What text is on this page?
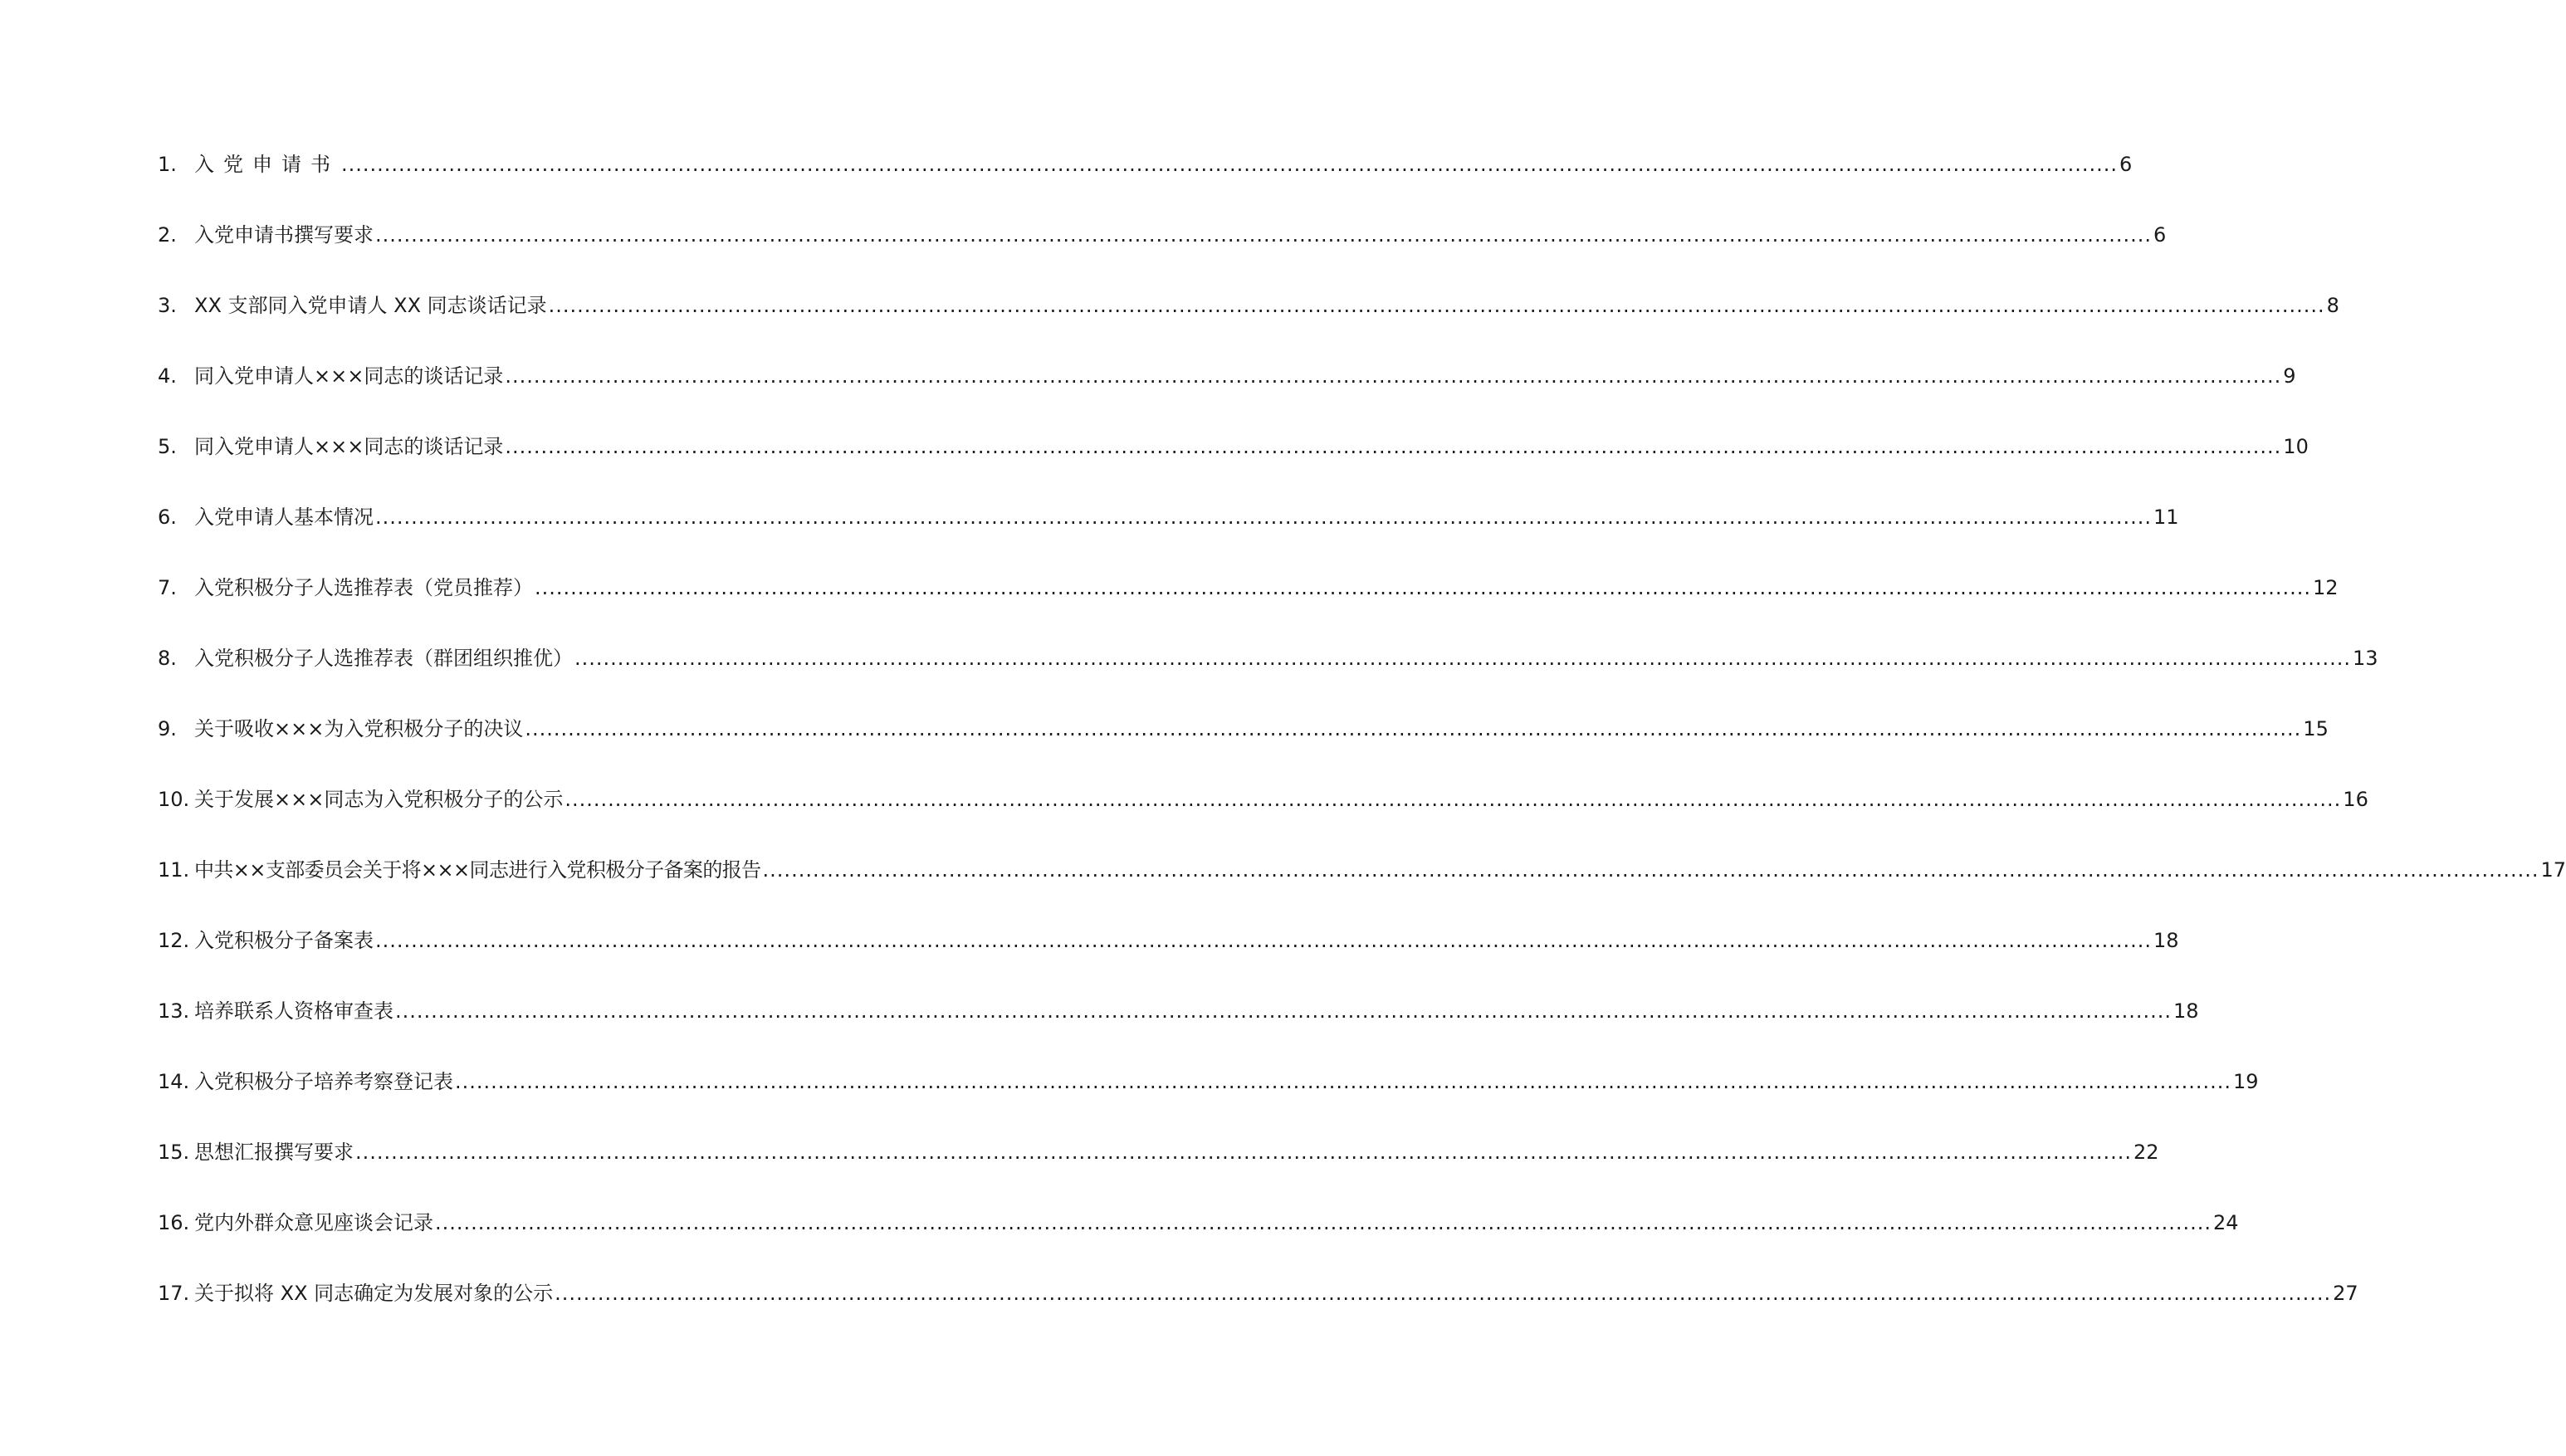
1. 入党申请书 .....	6
2. 入党申请书撰写要求 .....	6
3. XX 支部同入党申请人 XX 同志谈话记录 .....	8
4. 同入党申请人×××同志的谈话记录 .....	9
5. 同入党申请人×××同志的谈话记录 .....	10
6. 入党申请人基本情况 .....	11
7. 入党积极分子人选推荐表（党员推荐） .....	12
8. 入党积极分子人选推荐表（群团组织推优） .....	13
9. 关于吸收×××为入党积极分子的决议 .....	15
10. 关于发展×××同志为入党积极分子的公示 .....	16
11. 中共××支部委员会关于将×××同志进行入党积极分子备案的报告 .....	17
12. 入党积极分子备案表 .....	18
13. 培养联系人资格审查表 .....	18
14. 入党积极分子培养考察登记表 .....	19
15. 思想汇报撰写要求 .....	22
16. 党内外群众意见座谈会记录 .....	24
17. 关于拟将 XX 同志确定为发展对象的公示 .....	27
